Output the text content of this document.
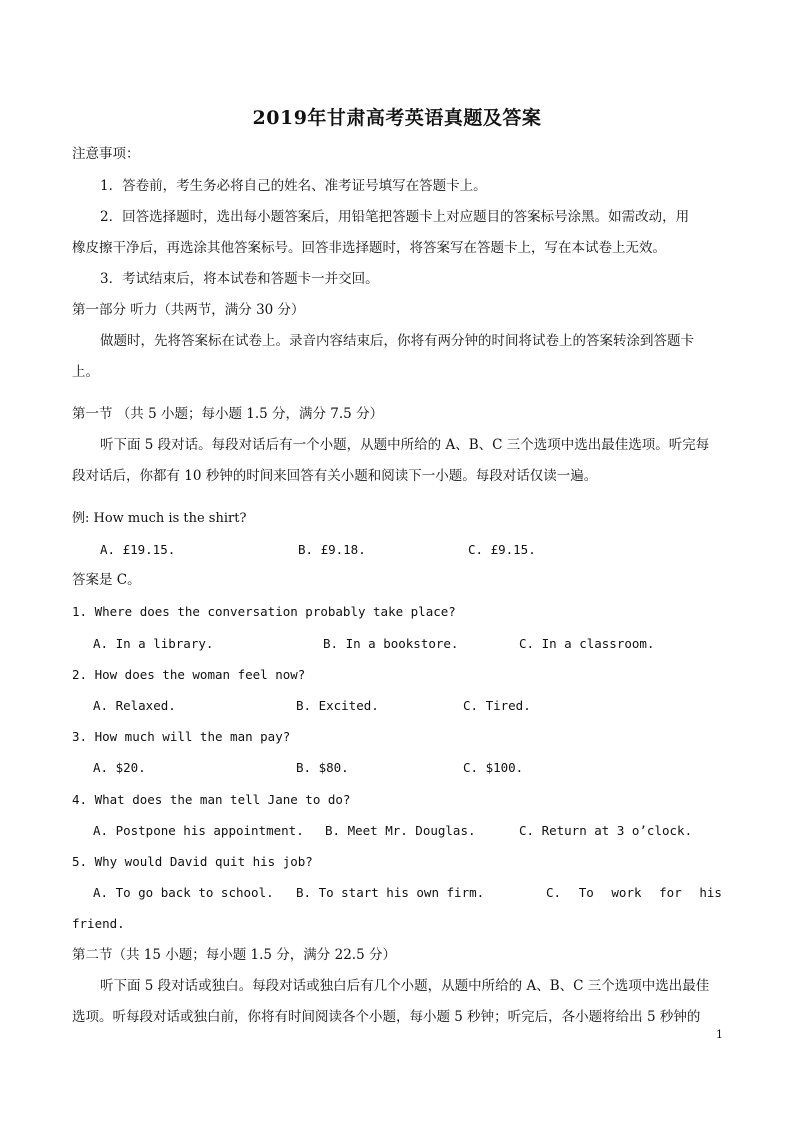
2019年甘肃高考英语真题及答案
注意事项：
1．答卷前，考生务必将自己的姓名、准考证号填写在答题卡上。
2．回答选择题时，选出每小题答案后，用铅笔把答题卡上对应题目的答案标号涂黑。如需改动，用
橡皮擦干净后，再选涂其他答案标号。回答非选择题时，将答案写在答题卡上，写在本试卷上无效。
3．考试结束后，将本试卷和答题卡一并交回。
第一部分 听力（共两节，满分 30 分）
做题时，先将答案标在试卷上。录音内容结束后，你将有两分钟的时间将试卷上的答案转涂到答题卡
上。
第一节 （共 5 小题；每小题 1.5 分，满分 7.5 分）
听下面 5 段对话。每段对话后有一个小题，从题中所给的 A、B、C 三个选项中选出最佳选项。听完每
段对话后，你都有 10 秒钟的时间来回答有关小题和阅读下一小题。每段对话仅读一遍。
例: How much is the shirt?
A. £19.15.	B. £9.18.	C. £9.15.
答案是 C。
1. Where does the conversation probably take place?
A. In a library.	B. In a bookstore.	C. In a classroom.
2. How does the woman feel now?
A. Relaxed.	B. Excited.	C. Tired.
3. How much will the man pay?
A. $20.	B. $80.	C. $100.
4. What does the man tell Jane to do?
A. Postpone his appointment. B. Meet Mr. Douglas.	C. Return at 3 o’clock.
5. Why would David quit his job?
A. To go back to school. B. To start his own firm.	C. To work for his
friend.
第二节（共 15 小题；每小题 1.5 分，满分 22.5 分）
听下面 5 段对话或独白。每段对话或独白后有几个小题，从题中所给的 A、B、C 三个选项中选出最佳
选项。听每段对话或独白前，你将有时间阅读各个小题，每小题 5 秒钟；听完后，各小题将给出 5 秒钟的
1
